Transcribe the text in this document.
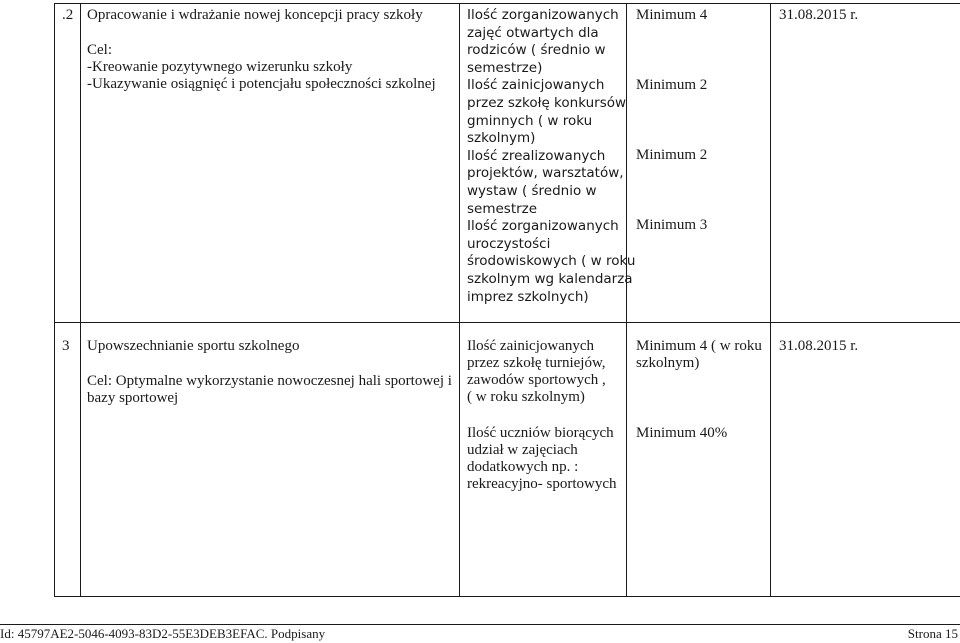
.2 Opracowanie i wdrażanie nowej koncepcji pracy szkoły
Cel:
-Kreowanie pozytywnego wizerunku szkoły
-Ukazywanie osiągnięć i potencjału społeczności szkolnej
Ilość zorganizowanych
zajęć otwartych dla
rodziców ( średnio w
semestrze)
Ilość zainicjowanych
przez szkołę konkursów
gminnych ( w roku
szkolnym)
Ilość zrealizowanych
projektów, warsztatów,
wystaw ( średnio w
semestrze
Ilość zorganizowanych
uroczystości
środowiskowych ( w roku
szkolnym wg kalendarza
imprez szkolnych)
Minimum 4
Minimum 2
Minimum 2
Minimum 3
31.08.2015 r.
3 Upowszechnianie sportu szkolnego
Cel: Optymalne wykorzystanie nowoczesnej hali sportowej i
bazy sportowej
Ilość zainicjowanych
przez szkołę turniejów,
zawodów sportowych ,
( w roku szkolnym)
Ilość uczniów biorących
udział w zajęciach
dodatkowych np. :
rekreacyjno- sportowych
Minimum 4 ( w roku
szkolnym)
Minimum 40%
31.08.2015 r.
Id: 45797AE2-5046-4093-83D2-55E3DEB3EFAC. Podpisany	Strona 15
